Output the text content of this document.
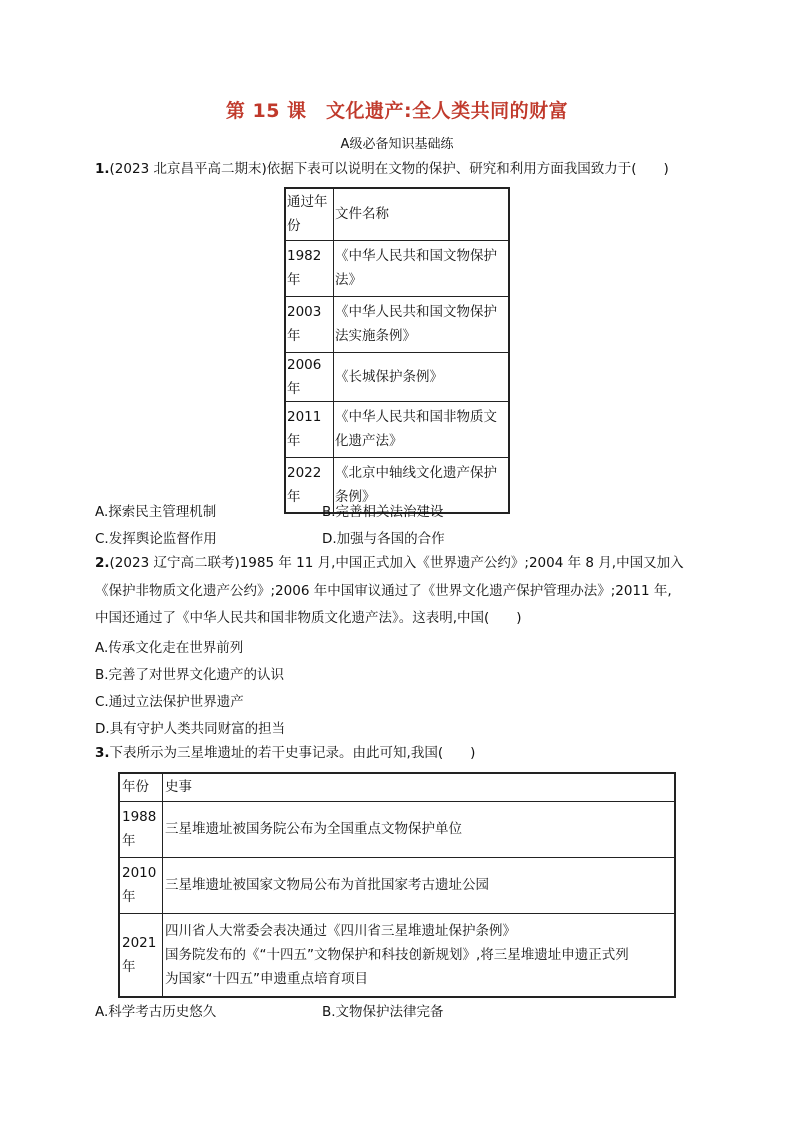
第 15 课　文化遗产:全人类共同的财富
A级必备知识基础练
1.(2023 北京昌平高二期末)依据下表可以说明在文物的保护、研究和利用方面我国致力于(　　)
通过年份	文件名称
1982 年	《中华人民共和国文物保护法》
2003 年	《中华人民共和国文物保护法实施条例》
2006 年	《长城保护条例》
2011 年	《中华人民共和国非物质文化遗产法》
2022 年	《北京中轴线文化遗产保护条例》
A.探索民主管理机制	B.完善相关法治建设
C.发挥舆论监督作用	D.加强与各国的合作
2.(2023 辽宁高二联考)1985 年 11 月,中国正式加入《世界遗产公约》;2004 年 8 月,中国又加入
《保护非物质文化遗产公约》;2006 年中国审议通过了《世界文化遗产保护管理办法》;2011 年,
中国还通过了《中华人民共和国非物质文化遗产法》。这表明,中国(　　)
A.传承文化走在世界前列
B.完善了对世界文化遗产的认识
C.通过立法保护世界遗产
D.具有守护人类共同财富的担当
3.下表所示为三星堆遗址的若干史事记录。由此可知,我国(　　)
年份	史事
1988 年	三星堆遗址被国务院公布为全国重点文物保护单位
2010 年	三星堆遗址被国家文物局公布为首批国家考古遗址公园
2021 年	四川省人大常委会表决通过《四川省三星堆遗址保护条例》
国务院发布的《“十四五”文物保护和科技创新规划》,将三星堆遗址申遗正式列
为国家“十四五”申遗重点培育项目
A.科学考古历史悠久	B.文物保护法律完备
